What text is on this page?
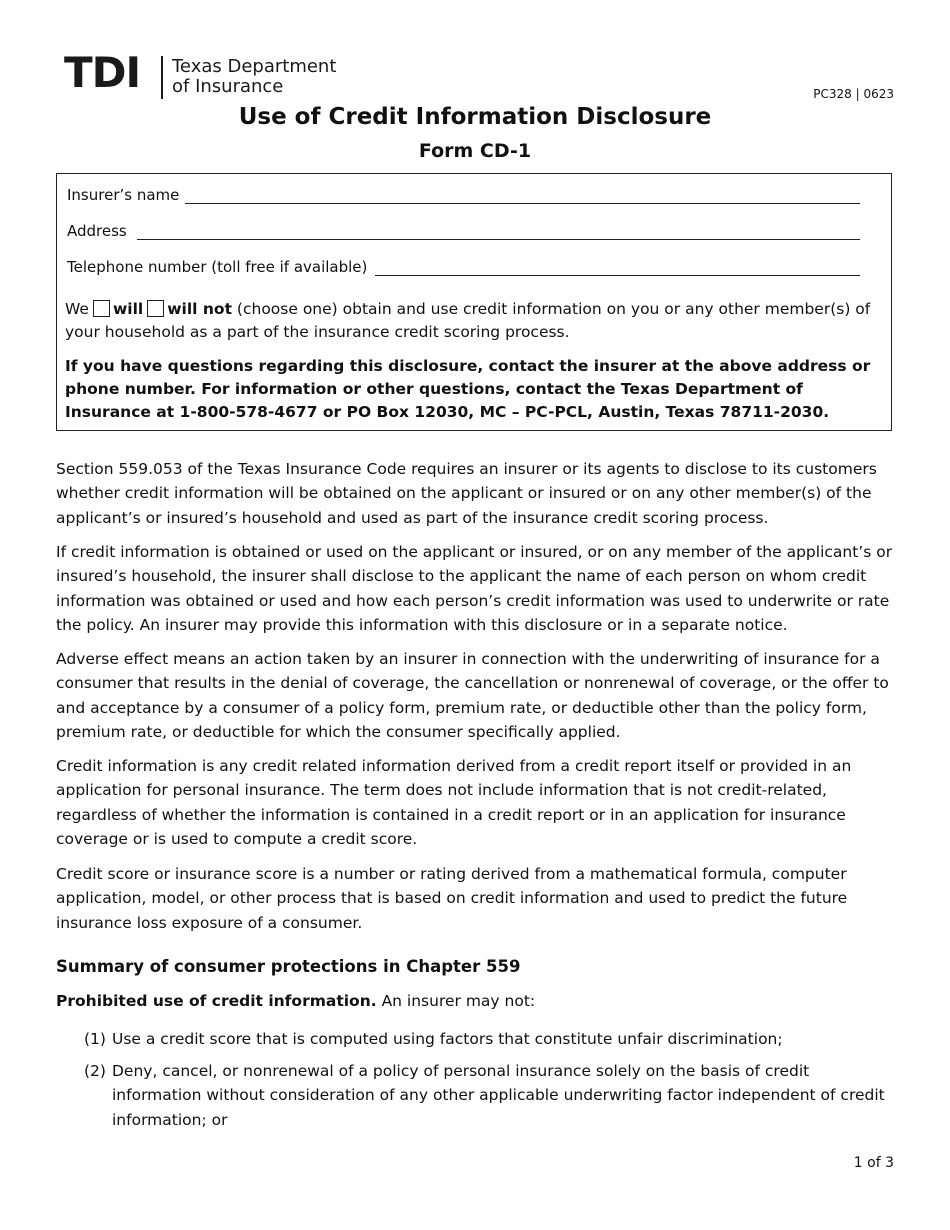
TDI Texas Department
of Insurance	PC328 | 0623
Use of Credit Information Disclosure
Form CD-1
Insurer’s name
Address
Telephone number (toll free if available)
We will will not (choose one) obtain and use credit information on you or any other member(s) of your household as a part of the insurance credit scoring process.
If you have questions regarding this disclosure, contact the insurer at the above address or phone number. For information or other questions, contact the Texas Department of Insurance at 1-800-578-4677 or PO Box 12030, MC – PC-PCL, Austin, Texas 78711-2030.
Section 559.053 of the Texas Insurance Code requires an insurer or its agents to disclose to its customers whether credit information will be obtained on the applicant or insured or on any other member(s) of the applicant’s or insured’s household and used as part of the insurance credit scoring process.
If credit information is obtained or used on the applicant or insured, or on any member of the applicant’s or insured’s household, the insurer shall disclose to the applicant the name of each person on whom credit information was obtained or used and how each person’s credit information was used to underwrite or rate the policy. An insurer may provide this information with this disclosure or in a separate notice.
Adverse effect means an action taken by an insurer in connection with the underwriting of insurance for a consumer that results in the denial of coverage, the cancellation or nonrenewal of coverage, or the offer to and acceptance by a consumer of a policy form, premium rate, or deductible other than the policy form, premium rate, or deductible for which the consumer specifically applied.
Credit information is any credit related information derived from a credit report itself or provided in an application for personal insurance. The term does not include information that is not credit-related, regardless of whether the information is contained in a credit report or in an application for insurance coverage or is used to compute a credit score.
Credit score or insurance score is a number or rating derived from a mathematical formula, computer application, model, or other process that is based on credit information and used to predict the future insurance loss exposure of a consumer.
Summary of consumer protections in Chapter 559
Prohibited use of credit information. An insurer may not:
(1) Use a credit score that is computed using factors that constitute unfair discrimination;
(2) Deny, cancel, or nonrenewal of a policy of personal insurance solely on the basis of credit information without consideration of any other applicable underwriting factor independent of credit information; or
1 of 3
